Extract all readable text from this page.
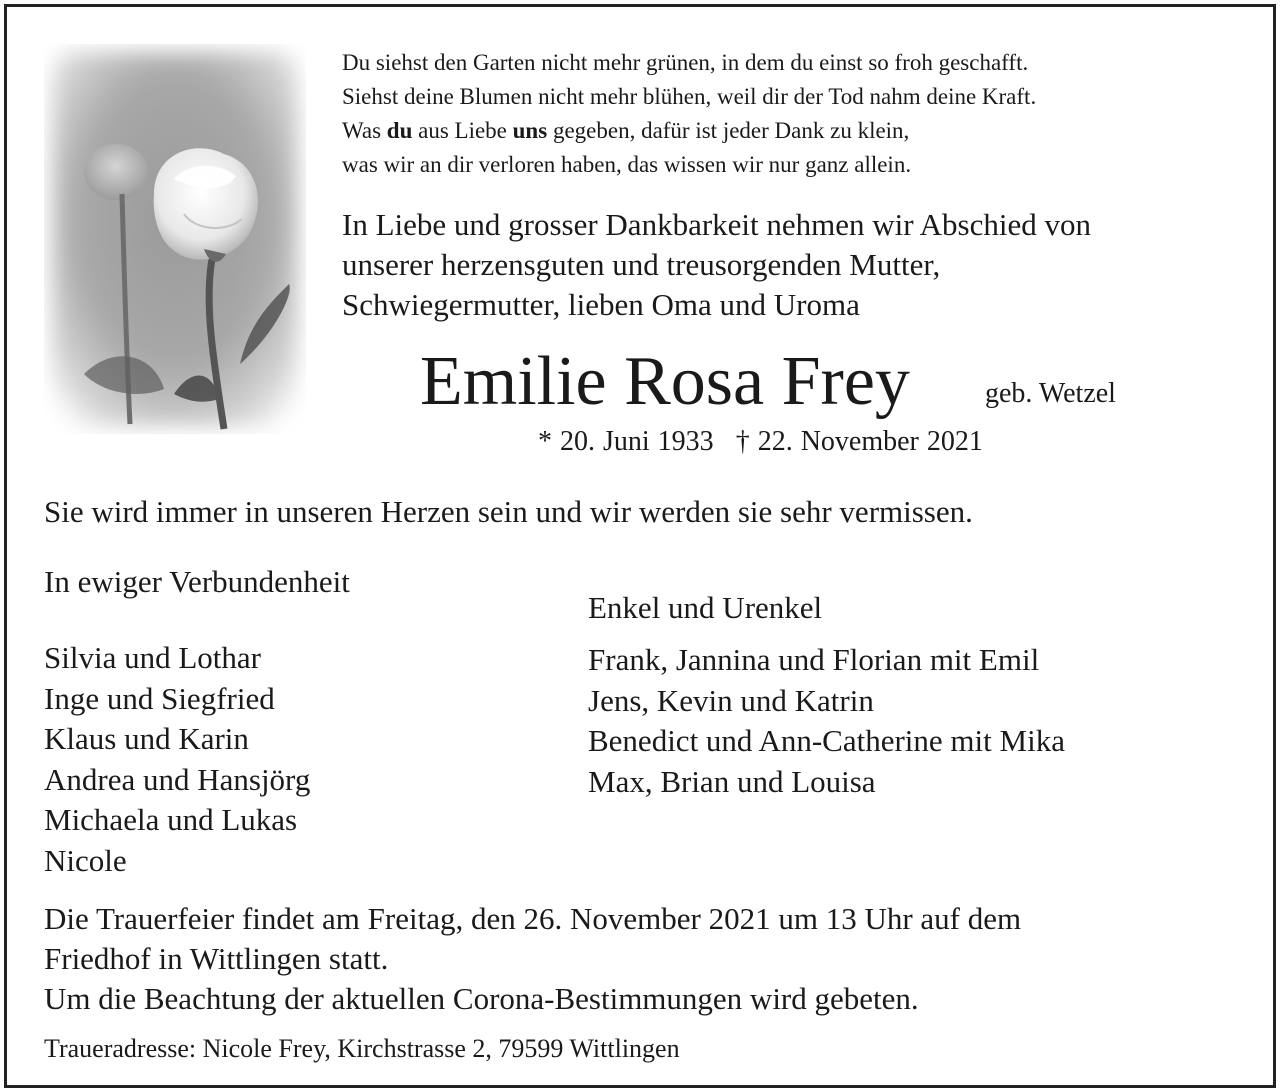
Du siehst den Garten nicht mehr grünen, in dem du einst so froh geschafft.
Siehst deine Blumen nicht mehr blühen, weil dir der Tod nahm deine Kraft.
Was du aus Liebe uns gegeben, dafür ist jeder Dank zu klein,
was wir an dir verloren haben, das wissen wir nur ganz allein.
In Liebe und grosser Dankbarkeit nehmen wir Abschied von
unserer herzensguten und treusorgenden Mutter,
Schwiegermutter, lieben Oma und Uroma
Emilie Rosa Frey	geb. Wetzel
* 20. Juni 1933 † 22. November 2021
Sie wird immer in unseren Herzen sein und wir werden sie sehr vermissen.
In ewiger Verbundenheit
Silvia und Lothar
Inge und Siegfried
Klaus und Karin
Andrea und Hansjörg
Michaela und Lukas
Nicole
Enkel und Urenkel
Frank, Jannina und Florian mit Emil
Jens, Kevin und Katrin
Benedict und Ann-Catherine mit Mika
Max, Brian und Louisa
Die Trauerfeier findet am Freitag, den 26. November 2021 um 13 Uhr auf dem
Friedhof in Wittlingen statt.
Um die Beachtung der aktuellen Corona-Bestimmungen wird gebeten.
Traueradresse: Nicole Frey, Kirchstrasse 2, 79599 Wittlingen
